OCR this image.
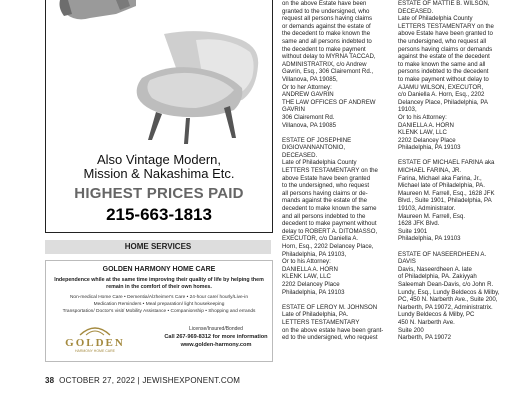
Also Vintage Modern,
Mission & Nakashima Etc.
HIGHEST PRICES PAID
215-663-1813
HOME SERVICES
GOLDEN HARMONY HOME CARE
Independence while at the same time improving their quality of life by helping them remain in the comfort of their own homes.
Non-medical Home Care • Dementia/Alzheimer's Care • 24-hour care/ hourly/Live-in
Medication Reminders • Meal preparation/ light housekeeping
Transportation/ Doctor's visit/ Mobility Assistance • Companionship • Shopping and errands
GOLDEN
HARMONY HOME CARE
License/Insured/Bonded
Call 267-969-8312 for more information
www.golden-harmony.com
on the above Estate have been
granted to the undersigned, who
request all persons having claims
or demands against the estate of
the decedent to make known the
same and all persons indebted to
the decedent to make payment
without delay to MYRNA TACCAD,
ADMINISTRATRIX, c/o Andrew
Gavrin, Esq., 306 Clairemont Rd.,
Villanova, PA 19085,
Or to her Attorney:
ANDREW GAVRIN
THE LAW OFFICES OF ANDREW
GAVRIN
306 Clairemont Rd.
Villanova, PA 19085
ESTATE OF JOSEPHINE
DIGIOVANNANTONIO,
DECEASED.
Late of Philadelphia County
LETTERS TESTAMENTARY on the
above Estate have been granted
to the undersigned, who request
all persons having claims or de-
mands against the estate of the
decedent to make known the same
and all persons indebted to the
decedent to make payment without
delay to ROBERT A. DITOMASSO,
EXECUTOR, c/o Daniella A.
Horn, Esq., 2202 Delancey Place,
Philadelphia, PA 19103,
Or to his Attorney:
DANIELLA A. HORN
KLENK LAW, LLC
2202 Delancey Place
Philadelphia, PA 19103
ESTATE OF LEROY M. JOHNSON
Late of Philadelphia, PA.
LETTERS TESTAMENTARY
on the above estate have been grant-
ed to the undersigned, who request
ESTATE OF MATTIE B. WILSON,
DECEASED.
Late of Philadelphia County
LETTERS TESTAMENTARY on the
above Estate have been granted to
the undersigned, who request all
persons having claims or demands
against the estate of the decedent
to make known the same and all
persons indebted to the decedent
to make payment without delay to
AJAMU WILSON, EXECUTOR,
c/o Daniella A. Horn, Esq., 2202
Delancey Place, Philadelphia, PA
19103,
Or to his Attorney:
DANIELLA A. HORN
KLENK LAW, LLC
2202 Delancey Place
Philadelphia, PA 19103
ESTATE OF MICHAEL FARINA aka
MICHAEL FARINA, JR.
Farina, Michael aka Farina, Jr.,
Michael late of Philadelphia, PA.
Maureen M. Farrell, Esq., 1628 JFK
Blvd., Suite 1901, Philadelphia, PA
19103, Administrator.
Maureen M. Farrell, Esq.
1628 JFK Blvd.
Suite 1901
Philadelphia, PA 19103
ESTATE OF NASEERDHEEN A.
DAVIS
Davis, Naseerdheen A. late
of Philadelphia, PA. Zakiyyah
Saleemah Dean-Davis, c/o John R.
Lundy, Esq., Lundy Beldecos & Milby,
PC, 450 N. Narberth Ave., Suite 200,
Narberth, PA 19072, Administratrix.
Lundy Beldecos & Milby, PC
450 N. Narberth Ave.
Suite 200
Narberth, PA 19072
38 OCTOBER 27, 2022 | JEWISHEXPONENT.COM
